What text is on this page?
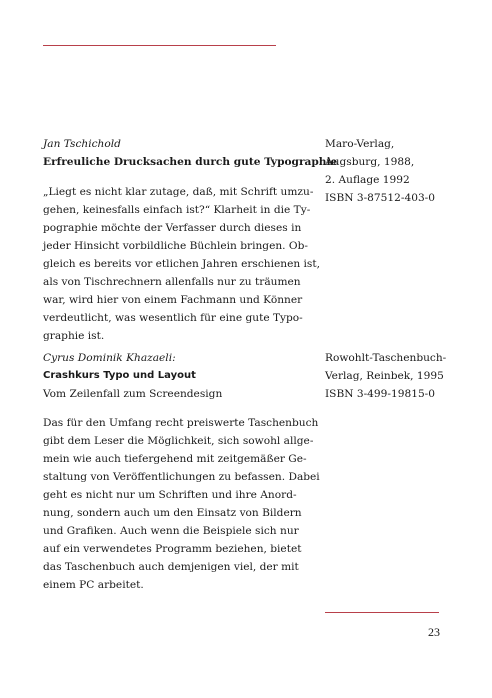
Jan Tschichold
Erfreuliche Drucksachen durch gute Typographie
„Liegt es nicht klar zutage, daß, mit Schrift umzu-
gehen, keinesfalls einfach ist?“ Klarheit in die Ty-
pographie möchte der Verfasser durch dieses in
jeder Hinsicht vorbildliche Büchlein bringen. Ob-
gleich es bereits vor etlichen Jahren erschienen ist,
als von Tischrechnern allenfalls nur zu träumen
war, wird hier von einem Fachmann und Könner
verdeutlicht, was wesentlich für eine gute Typo-
graphie ist.
Maro-Verlag,
Augsburg, 1988,
2. Auflage 1992
ISBN 3-87512-403-0
Cyrus Dominik Khazaeli:
Crashkurs Typo und Layout
Vom Zeilenfall zum Screendesign
Das für den Umfang recht preiswerte Taschenbuch
gibt dem Leser die Möglichkeit, sich sowohl allge-
mein wie auch tiefergehend mit zeitgemäßer Ge-
staltung von Veröffentlichungen zu befassen. Dabei
geht es nicht nur um Schriften und ihre Anord-
nung, sondern auch um den Einsatz von Bildern
und Grafiken. Auch wenn die Beispiele sich nur
auf ein verwendetes Programm beziehen, bietet
das Taschenbuch auch demjenigen viel, der mit
einem PC arbeitet.
Rowohlt-Taschenbuch-
Verlag, Reinbek, 1995
ISBN 3-499-19815-0
23
